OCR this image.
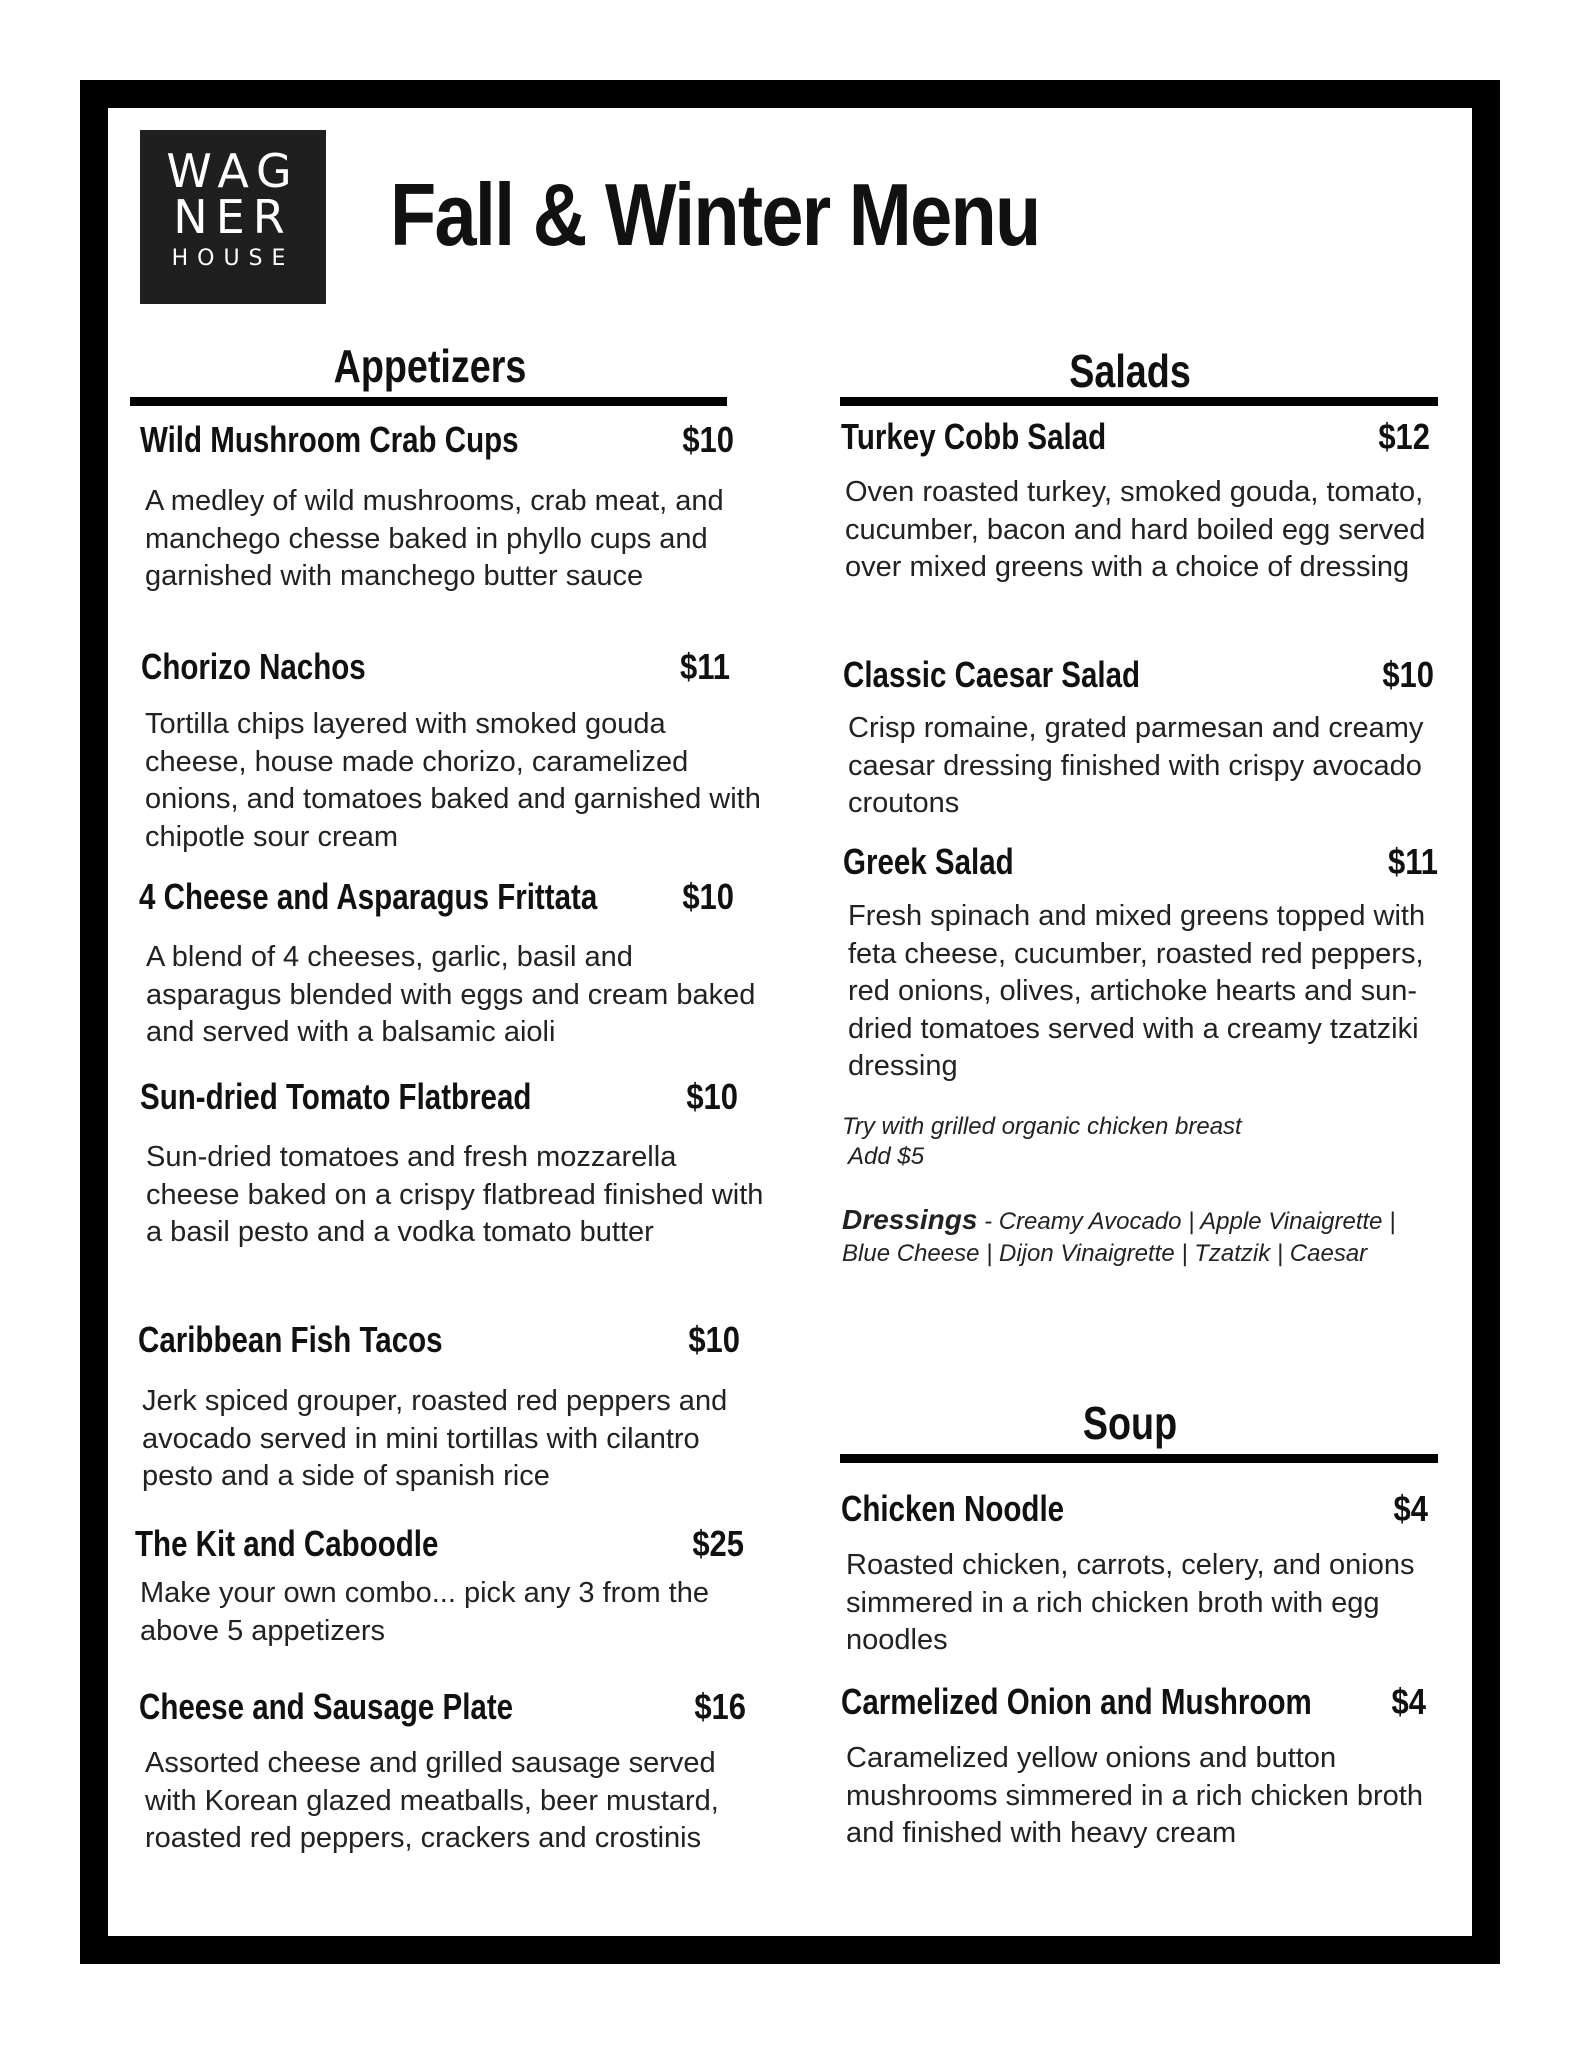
WAG
NER
HOUSE	Fall & Winter Menu
Appetizers
Wild Mushroom Crab Cups	$10
A medley of wild mushrooms, crab meat, and manchego chesse baked in phyllo cups and garnished with manchego butter sauce
Chorizo Nachos	$11
Tortilla chips layered with smoked gouda cheese, house made chorizo, caramelized onions, and tomatoes baked and garnished with chipotle sour cream
4 Cheese and Asparagus Frittata	$10
A blend of 4 cheeses, garlic, basil and asparagus blended with eggs and cream baked and served with a balsamic aioli
Sun-dried Tomato Flatbread	$10
Sun-dried tomatoes and fresh mozzarella cheese baked on a crispy flatbread finished with a basil pesto and a vodka tomato butter
Caribbean Fish Tacos	$10
Jerk spiced grouper, roasted red peppers and avocado served in mini tortillas with cilantro pesto and a side of spanish rice
The Kit and Caboodle	$25
Make your own combo... pick any 3 from the above 5 appetizers
Cheese and Sausage Plate	$16
Assorted cheese and grilled sausage served with Korean glazed meatballs, beer mustard, roasted red peppers, crackers and crostinis
Salads
Turkey Cobb Salad	$12
Oven roasted turkey, smoked gouda, tomato, cucumber, bacon and hard boiled egg served over mixed greens with a choice of dressing
Classic Caesar Salad	$10
Crisp romaine, grated parmesan and creamy caesar dressing finished with crispy avocado croutons
Greek Salad	$11
Fresh spinach and mixed greens topped with feta cheese, cucumber, roasted red peppers, red onions, olives, artichoke hearts and sun-dried tomatoes served with a creamy tzatziki dressing
Try with grilled organic chicken breast
Add $5
Dressings - Creamy Avocado | Apple Vinaigrette | Blue Cheese | Dijon Vinaigrette | Tzatzik | Caesar
Soup
Chicken Noodle	$4
Roasted chicken, carrots, celery, and onions simmered in a rich chicken broth with egg noodles
Carmelized Onion and Mushroom	$4
Caramelized yellow onions and button mushrooms simmered in a rich chicken broth and finished with heavy cream
